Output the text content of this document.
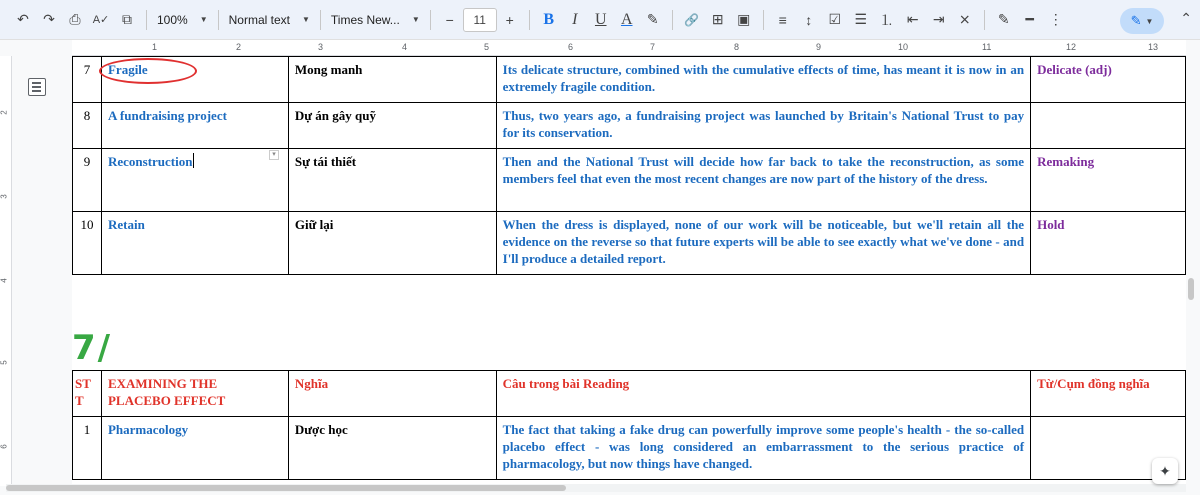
↶	↷	⎙	A✓ ⧉	100% ▼ Normal text ▼ Times New... ▼	−	11	+	B	I	U A	✎	🔗 ⊞ ▣	≡	↕	☑ ☰ ⒈ ⇤	⇥	⨯	✎	━	⋮	✎ ▼ ⌃
1	2	3	4	5	6	7	8	9	10	11	12	13
2
3
4
5
6
7	Fragile	Mong manh	Its delicate structure, combined with the cumulative effects of time, has meant it is now in an extremely fragile condition.	Delicate (adj)
8	A fundraising project	Dự án gây quỹ	Thus, two years ago, a fundraising project was launched by Britain's National Trust to pay for its conservation.	
9	Reconstruction	Sự tái thiết	Then and the National Trust will decide how far back to take the reconstruction, as some members feel that even the most recent changes are now part of the history of the dress.	Remaking
10	Retain	Giữ lại	When the dress is displayed, none of our work will be noticeable, but we'll retain all the evidence on the reverse so that future experts will be able to see exactly what we've done - and I'll produce a detailed report.	Hold
▾
7/
STT	EXAMINING THE PLACEBO EFFECT	Nghĩa	Câu trong bài Reading	Từ/Cụm đồng nghĩa
1	Pharmacology	Dược học	The fact that taking a fake drug can powerfully improve some people's health - the so-called placebo effect - was long considered an embarrassment to the serious practice of pharmacology, but now things have changed.		✦
